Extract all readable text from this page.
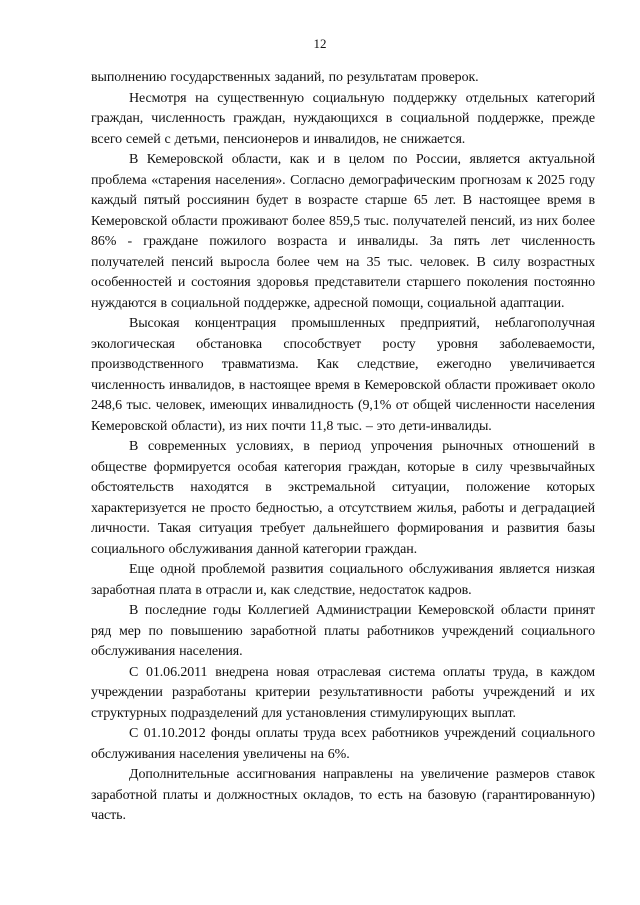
12

выполнению государственных заданий, по результатам проверок.

Несмотря на существенную социальную поддержку отдельных категорий граждан, численность граждан, нуждающихся в социальной поддержке, прежде всего семей с детьми, пенсионеров и инвалидов, не снижается.

В Кемеровской области, как и в целом по России, является актуальной проблема «старения населения». Согласно демографическим прогнозам к 2025 году каждый пятый россиянин будет в возрасте старше 65 лет. В настоящее время в Кемеровской области проживают более 859,5 тыс. получателей пенсий, из них более 86% - граждане пожилого возраста и инвалиды. За пять лет численность получателей пенсий выросла более чем на 35 тыс. человек. В силу возрастных особенностей и состояния здоровья представители старшего поколения постоянно нуждаются в социальной поддержке, адресной помощи, социальной адаптации.

Высокая концентрация промышленных предприятий, неблагополучная экологическая обстановка способствует росту уровня заболеваемости, производственного травматизма. Как следствие, ежегодно увеличивается численность инвалидов, в настоящее время в Кемеровской области проживает около 248,6 тыс. человек, имеющих инвалидность (9,1% от общей численности населения Кемеровской области), из них почти 11,8 тыс. – это дети-инвалиды.

В современных условиях, в период упрочения рыночных отношений в обществе формируется особая категория граждан, которые в силу чрезвычайных обстоятельств находятся в экстремальной ситуации, положение которых характеризуется не просто бедностью, а отсутствием жилья, работы и деградацией личности. Такая ситуация требует дальнейшего формирования и развития базы социального обслуживания данной категории граждан.

Еще одной проблемой развития социального обслуживания является низкая заработная плата в отрасли и, как следствие, недостаток кадров.

В последние годы Коллегией Администрации Кемеровской области принят ряд мер по повышению заработной платы работников учреждений социального обслуживания населения.

С 01.06.2011 внедрена новая отраслевая система оплаты труда, в каждом учреждении разработаны критерии результативности работы учреждений и их структурных подразделений для установления стимулирующих выплат.

С 01.10.2012 фонды оплаты труда всех работников учреждений социального обслуживания населения увеличены на 6%.

Дополнительные ассигнования направлены на увеличение размеров ставок заработной платы и должностных окладов, то есть на базовую (гарантированную) часть.
